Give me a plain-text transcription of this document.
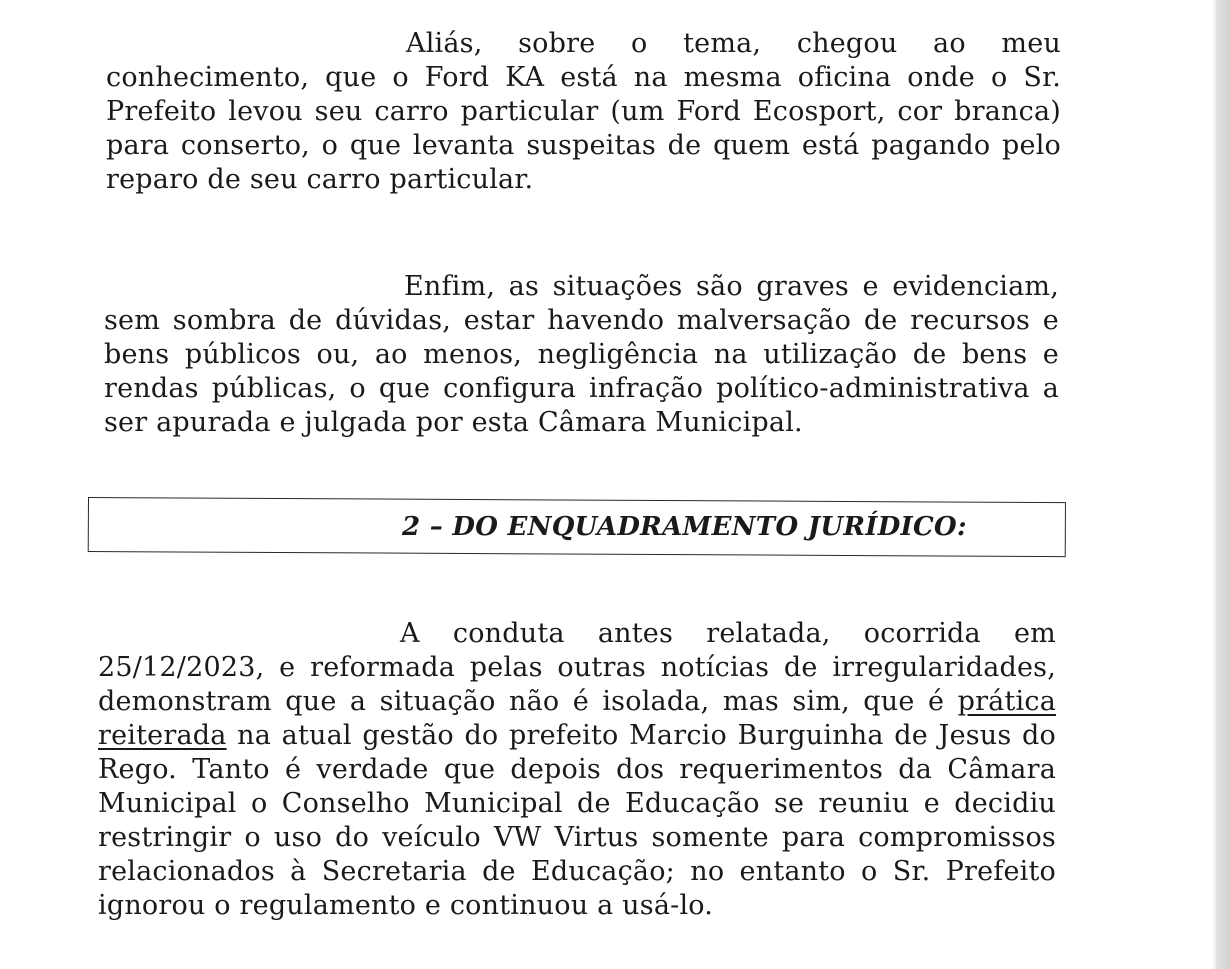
Aliás, sobre o tema, chegou ao meu conhecimento, que o Ford KA está na mesma oficina onde o Sr. Prefeito levou seu carro particular (um Ford Ecosport, cor branca) para conserto, o que levanta suspeitas de quem está pagando pelo reparo de seu carro particular.

Enfim, as situações são graves e evidenciam, sem sombra de dúvidas, estar havendo malversação de recursos e bens públicos ou, ao menos, negligência na utilização de bens e rendas públicas, o que configura infração político-administrativa a ser apurada e julgada por esta Câmara Municipal.

2 – DO ENQUADRAMENTO JURÍDICO:

A conduta antes relatada, ocorrida em 25/12/2023, e reformada pelas outras notícias de irregularidades, demonstram que a situação não é isolada, mas sim, que é prática reiterada na atual gestão do prefeito Marcio Burguinha de Jesus do Rego. Tanto é verdade que depois dos requerimentos da Câmara Municipal o Conselho Municipal de Educação se reuniu e decidiu restringir o uso do veículo VW Virtus somente para compromissos relacionados à Secretaria de Educação; no entanto o Sr. Prefeito ignorou o regulamento e continuou a usá-lo.
